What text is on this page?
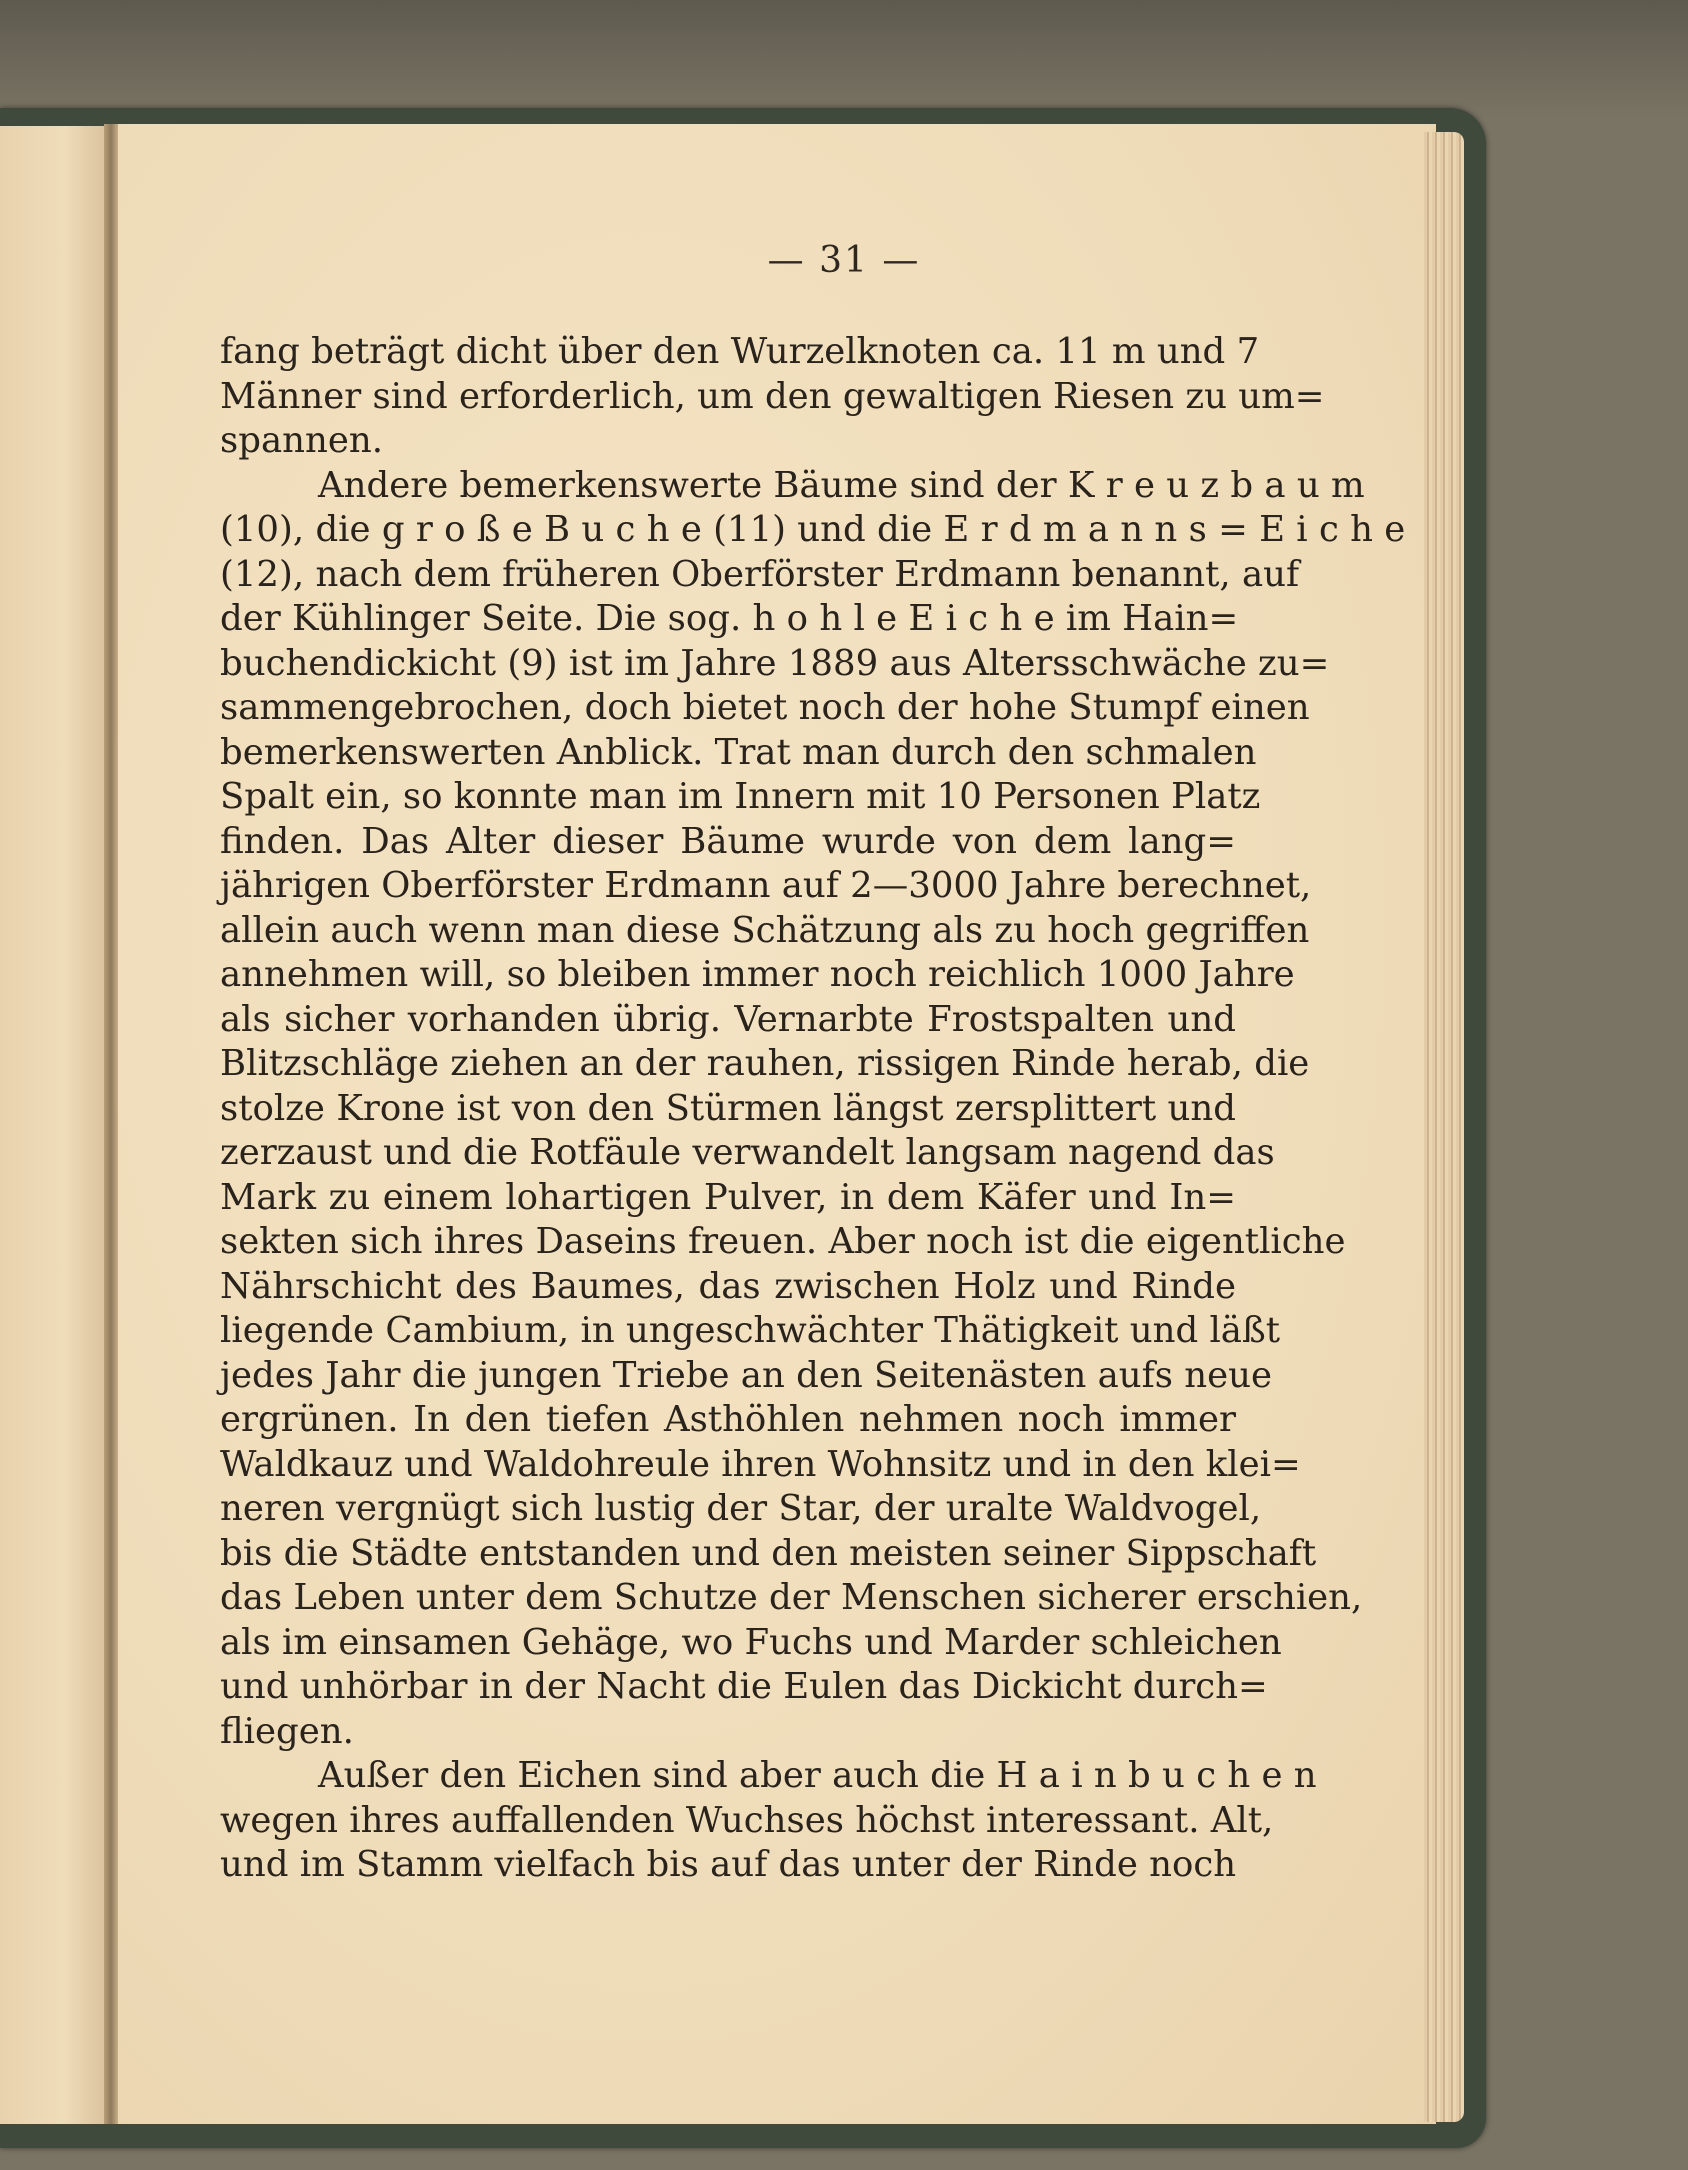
— 31 —
fang beträgt dicht über den Wurzelknoten ca. 11 m und 7
Männer sind erforderlich, um den gewaltigen Riesen zu um=
spannen.
Andere bemerkenswerte Bäume sind der K r e u z b a u m
(10), die g r o ß e B u c h e (11) und die E r d m a n n s = E i c h e
(12), nach dem früheren Oberförster Erdmann benannt, auf
der Kühlinger Seite. Die sog. h o h l e E i c h e im Hain=
buchendickicht (9) ist im Jahre 1889 aus Altersschwäche zu=
sammengebrochen, doch bietet noch der hohe Stumpf einen
bemerkenswerten Anblick. Trat man durch den schmalen
Spalt ein, so konnte man im Innern mit 10 Personen Platz
finden. Das Alter dieser Bäume wurde von dem lang=
jährigen Oberförster Erdmann auf 2—3000 Jahre berechnet,
allein auch wenn man diese Schätzung als zu hoch gegriffen
annehmen will, so bleiben immer noch reichlich 1000 Jahre
als sicher vorhanden übrig. Vernarbte Frostspalten und
Blitzschläge ziehen an der rauhen, rissigen Rinde herab, die
stolze Krone ist von den Stürmen längst zersplittert und
zerzaust und die Rotfäule verwandelt langsam nagend das
Mark zu einem lohartigen Pulver, in dem Käfer und In=
sekten sich ihres Daseins freuen. Aber noch ist die eigentliche
Nährschicht des Baumes, das zwischen Holz und Rinde
liegende Cambium, in ungeschwächter Thätigkeit und läßt
jedes Jahr die jungen Triebe an den Seitenästen aufs neue
ergrünen. In den tiefen Asthöhlen nehmen noch immer
Waldkauz und Waldohreule ihren Wohnsitz und in den klei=
neren vergnügt sich lustig der Star, der uralte Waldvogel,
bis die Städte entstanden und den meisten seiner Sippschaft
das Leben unter dem Schutze der Menschen sicherer erschien,
als im einsamen Gehäge, wo Fuchs und Marder schleichen
und unhörbar in der Nacht die Eulen das Dickicht durch=
fliegen.
Außer den Eichen sind aber auch die H a i n b u c h e n
wegen ihres auffallenden Wuchses höchst interessant. Alt,
und im Stamm vielfach bis auf das unter der Rinde noch
